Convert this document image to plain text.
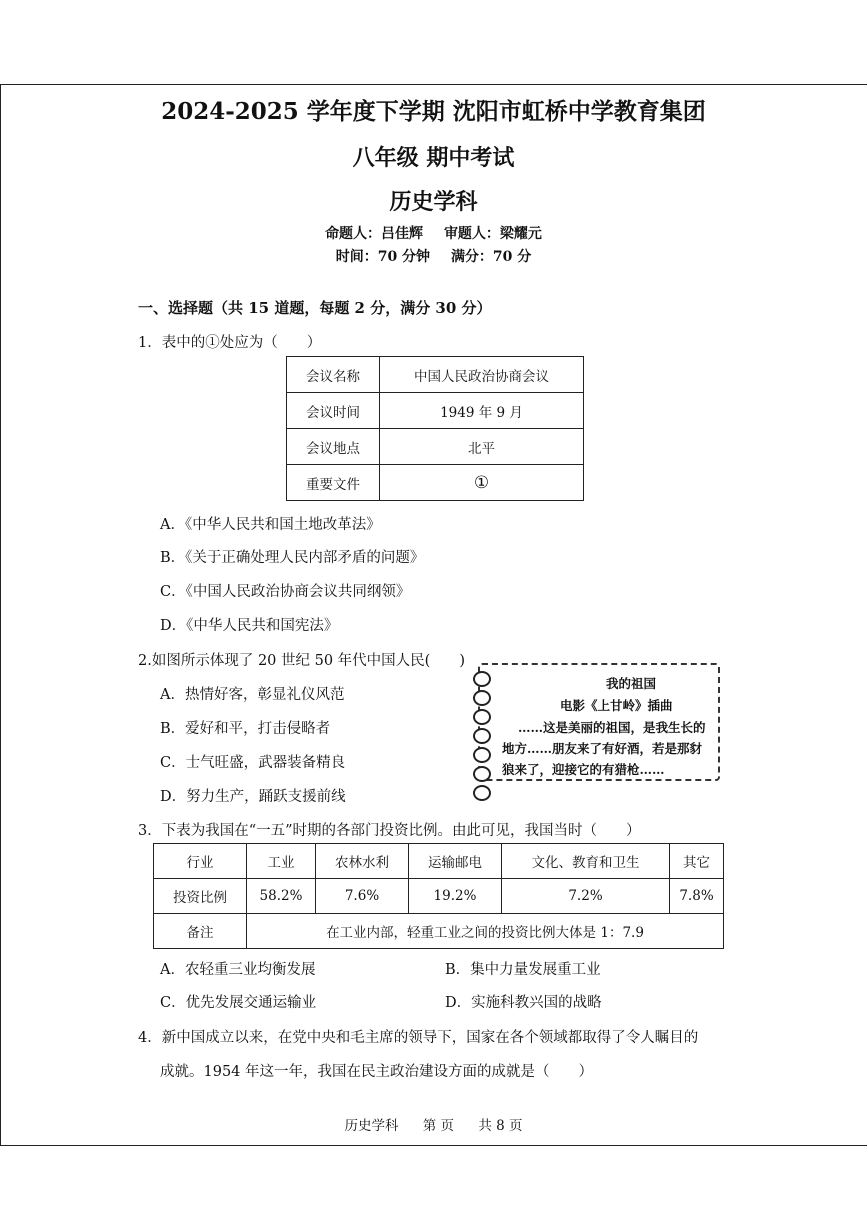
2024-2025 学年度下学期 沈阳市虹桥中学教育集团
八年级 期中考试
历史学科
命题人：吕佳辉 审题人：梁耀元
时间：70 分钟 满分：70 分
一、选择题（共 15 道题，每题 2 分，满分 30 分）
1．表中的①处应为（　　）
会议名称	中国人民政治协商会议
会议时间	1949 年 9 月
会议地点	北平
重要文件	①
A．《中华人民共和国土地改革法》
B．《关于正确处理人民内部矛盾的问题》
C．《中国人民政治协商会议共同纲领》
D．《中华人民共和国宪法》
2.如图所示体现了 20 世纪 50 年代中国人民(　　)
A．热情好客，彰显礼仪风范
B．爱好和平，打击侵略者
C．士气旺盛，武器装备精良
D．努力生产，踊跃支援前线
我的祖国
电影《上甘岭》插曲
……这是美丽的祖国，是我生长的
地方……朋友来了有好酒，若是那豺
狼来了，迎接它的有猎枪……
3．下表为我国在“一五”时期的各部门投资比例。由此可见，我国当时（　　）
行业	工业	农林水利	运输邮电	文化、教育和卫生	其它
投资比例	58.2%	7.6%	19.2%	7.2%	7.8%
备注	在工业内部，轻重工业之间的投资比例大体是 1：7.9				
A．农轻重三业均衡发展	B．集中力量发展重工业
C．优先发展交通运输业	D．实施科教兴国的战略
4．新中国成立以来，在党中央和毛主席的领导下，国家在各个领域都取得了令人瞩目的
成就。1954 年这一年，我国在民主政治建设方面的成就是（　　）
历史学科 第 页 共 8 页
